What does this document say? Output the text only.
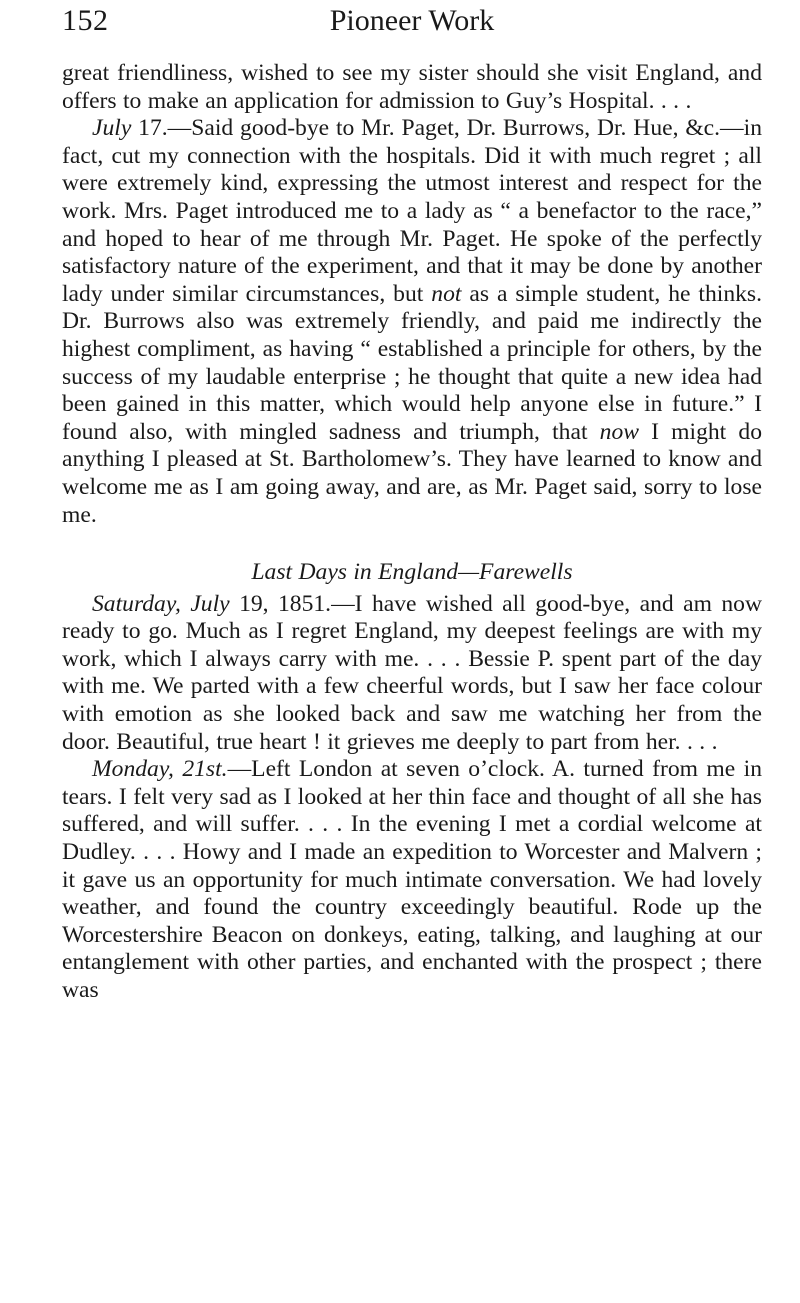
152	Pioneer Work

great friendliness, wished to see my sister should she visit England, and offers to make an application for admission to Guy’s Hospital. . . .

July 17.—Said good-bye to Mr. Paget, Dr. Burrows, Dr. Hue, &c.—in fact, cut my connection with the hospitals. Did it with much regret ; all were extremely kind, expressing the utmost interest and respect for the work. Mrs. Paget introduced me to a lady as “ a benefactor to the race,” and hoped to hear of me through Mr. Paget. He spoke of the perfectly satisfactory nature of the experiment, and that it may be done by another lady under similar circumstances, but not as a simple student, he thinks. Dr. Burrows also was extremely friendly, and paid me indirectly the highest compliment, as having “ established a principle for others, by the success of my laudable enterprise ; he thought that quite a new idea had been gained in this matter, which would help anyone else in future.” I found also, with mingled sadness and triumph, that now I might do anything I pleased at St. Bartholomew’s. They have learned to know and welcome me as I am going away, and are, as Mr. Paget said, sorry to lose me.

Last Days in England—Farewells

Saturday, July 19, 1851.—I have wished all good-bye, and am now ready to go. Much as I regret England, my deepest feelings are with my work, which I always carry with me. . . . Bessie P. spent part of the day with me. We parted with a few cheerful words, but I saw her face colour with emotion as she looked back and saw me watching her from the door. Beautiful, true heart ! it grieves me deeply to part from her. . . .

Monday, 21st.—Left London at seven o’clock. A. turned from me in tears. I felt very sad as I looked at her thin face and thought of all she has suffered, and will suffer. . . . In the evening I met a cordial welcome at Dudley. . . . Howy and I made an expedition to Worcester and Malvern ; it gave us an opportunity for much intimate conversation. We had lovely weather, and found the country exceedingly beautiful. Rode up the Worcestershire Beacon on donkeys, eating, talking, and laughing at our entanglement with other parties, and enchanted with the prospect ; there was
